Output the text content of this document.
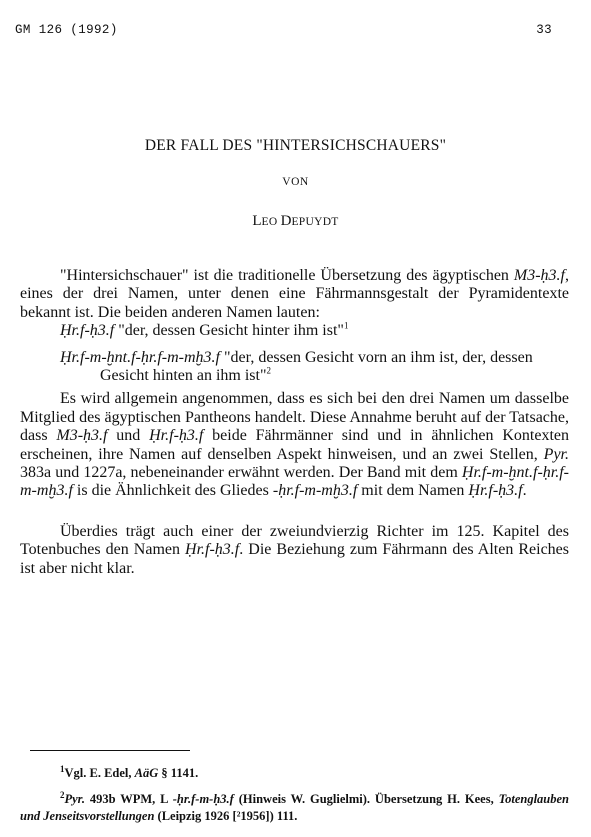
GM 126 (1992)	33
DER FALL DES "HINTERSICHSCHAUERS"
VON
LEO DEPUYDT

"Hintersichschauer" ist die traditionelle Übersetzung des ägyptischen M3-ḥ3.f, eines der drei Namen, unter denen eine Fährmannsgestalt der Pyramidentexte bekannt ist. Die beiden anderen Namen lauten:

Ḥr.f-ḥ3.f "der, dessen Gesicht hinter ihm ist"$^1$
Ḥr.f-m-ḫnt.f-ḥr.f-m-mḫ3.f "der, dessen Gesicht vorn an ihm ist, der, dessen Gesicht hinten an ihm ist"$^2$

Es wird allgemein angenommen, dass es sich bei den drei Namen um dasselbe Mitglied des ägyptischen Pantheons handelt. Diese Annahme beruht auf der Tatsache, dass M3-ḥ3.f und Ḥr.f-ḥ3.f beide Fährmänner sind und in ähnlichen Kontexten erscheinen, ihre Namen auf denselben Aspekt hinweisen, und an zwei Stellen, Pyr. 383a und 1227a, nebeneinander erwähnt werden. Der Band mit dem Ḥr.f-m-ḫnt.f-ḥr.f-m-mḫ3.f is die Ähnlichkeit des Gliedes -ḥr.f-m-mḫ3.f mit dem Namen Ḥr.f-ḥ3.f.

Überdies trägt auch einer der zweiundvierzig Richter im 125. Kapitel des Totenbuches den Namen Ḥr.f-ḥ3.f. Die Beziehung zum Fährmann des Alten Reiches ist aber nicht klar.

$^1$Vgl. E. Edel, AäG § 1141.
$^2$Pyr. 493b WPM, L -ḥr.f-m-ḥ3.f (Hinweis W. Guglielmi). Übersetzung H. Kees, Totenglauben und Jenseitsvorstellungen (Leipzig 1926 [²1956]) 111.
